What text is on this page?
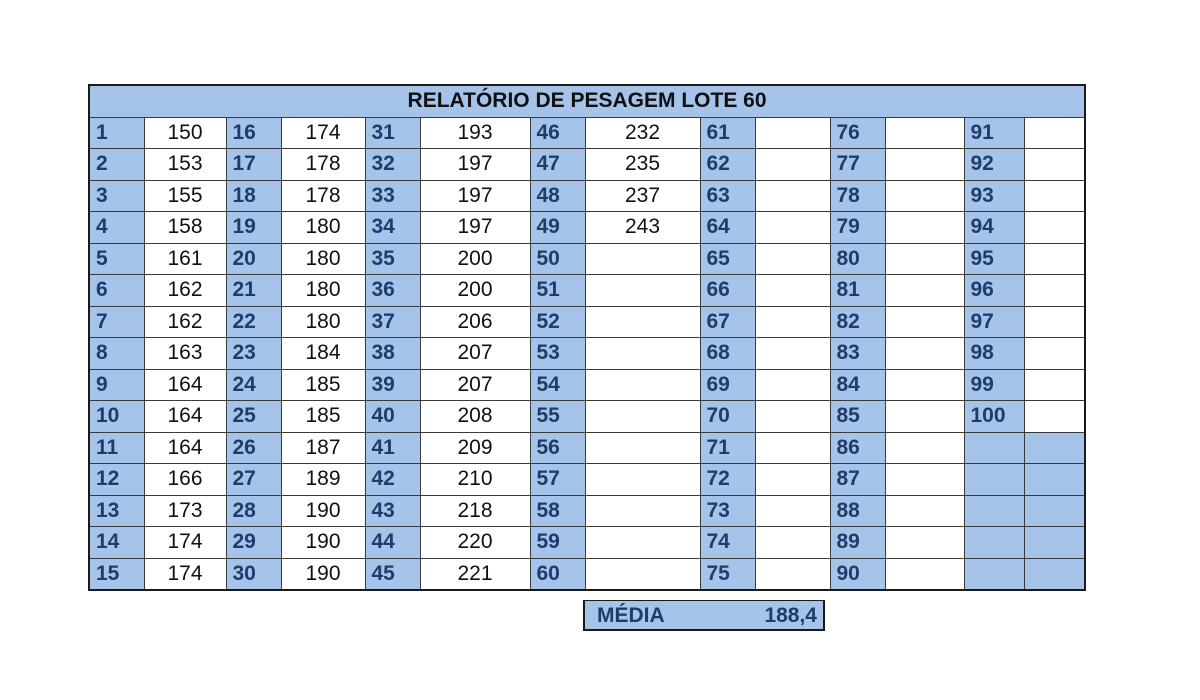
RELATÓRIO DE PESAGEM LOTE 60													
1	150	16	174	31	193	46	232	61		76		91	
2	153	17	178	32	197	47	235	62		77		92	
3	155	18	178	33	197	48	237	63		78		93	
4	158	19	180	34	197	49	243	64		79		94	
5	161	20	180	35	200	50		65		80		95	
6	162	21	180	36	200	51		66		81		96	
7	162	22	180	37	206	52		67		82		97	
8	163	23	184	38	207	53		68		83		98	
9	164	24	185	39	207	54		69		84		99	
10	164	25	185	40	208	55		70		85		100	
11	164	26	187	41	209	56		71		86			
12	166	27	189	42	210	57		72		87			
13	173	28	190	43	218	58		73		88			
14	174	29	190	44	220	59		74		89			
15	174	30	190	45	221	60		75		90			
MÉDIA	188,4
